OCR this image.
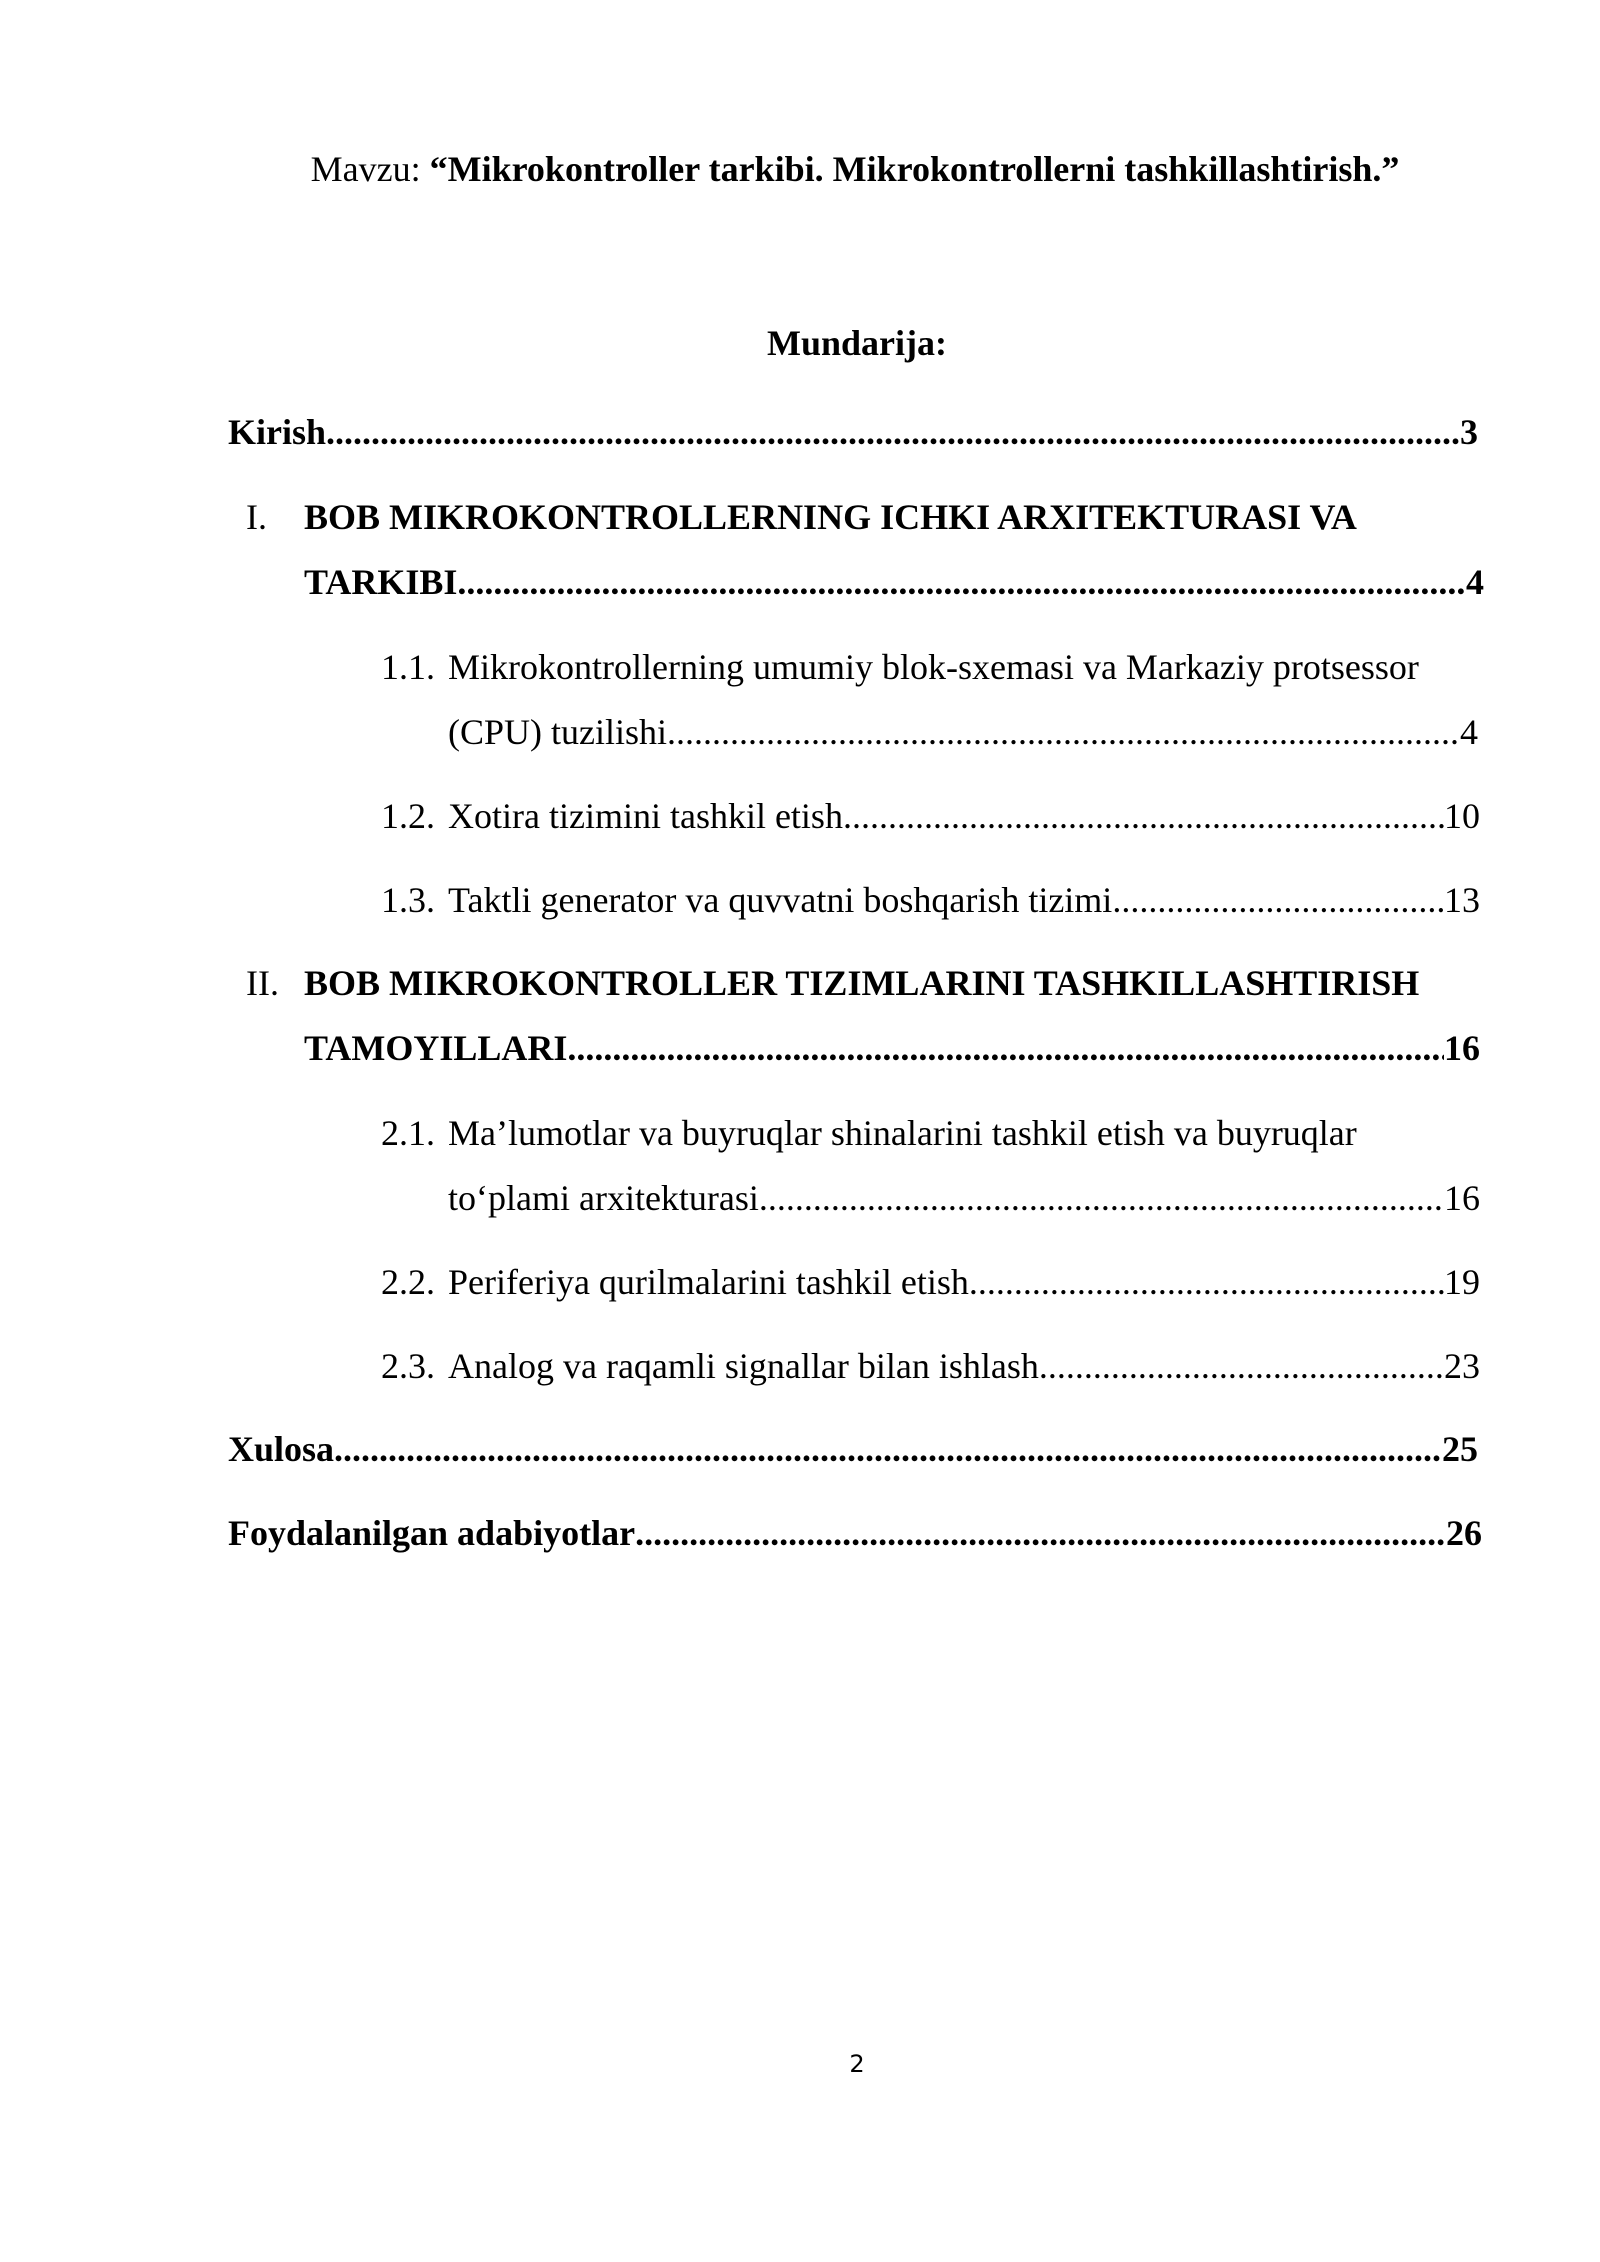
Mavzu: “Mikrokontroller tarkibi. Mikrokontrollerni tashkillashtirish.”
Mundarija:
Kirish .....	3
I. BOB MIKROKONTROLLERNING ICHKI ARXITEKTURASI VA
TARKIBI .....	4
1.1. Mikrokontrollerning umumiy blok-sxemasi va Markaziy protsessor
(CPU) tuzilishi .....	4
1.2. Xotira tizimini tashkil etish .....	10
1.3. Taktli generator va quvvatni boshqarish tizimi .....	13
II. BOB MIKROKONTROLLER TIZIMLARINI TASHKILLASHTIRISH
TAMOYILLARI .....	16
2.1. Ma’lumotlar va buyruqlar shinalarini tashkil etish va buyruqlar
to‘plami arxitekturasi .....	16
2.2. Periferiya qurilmalarini tashkil etish .....	19
2.3. Analog va raqamli signallar bilan ishlash .....	23
Xulosa .....	25
Foydalanilgan adabiyotlar .....	26
2
